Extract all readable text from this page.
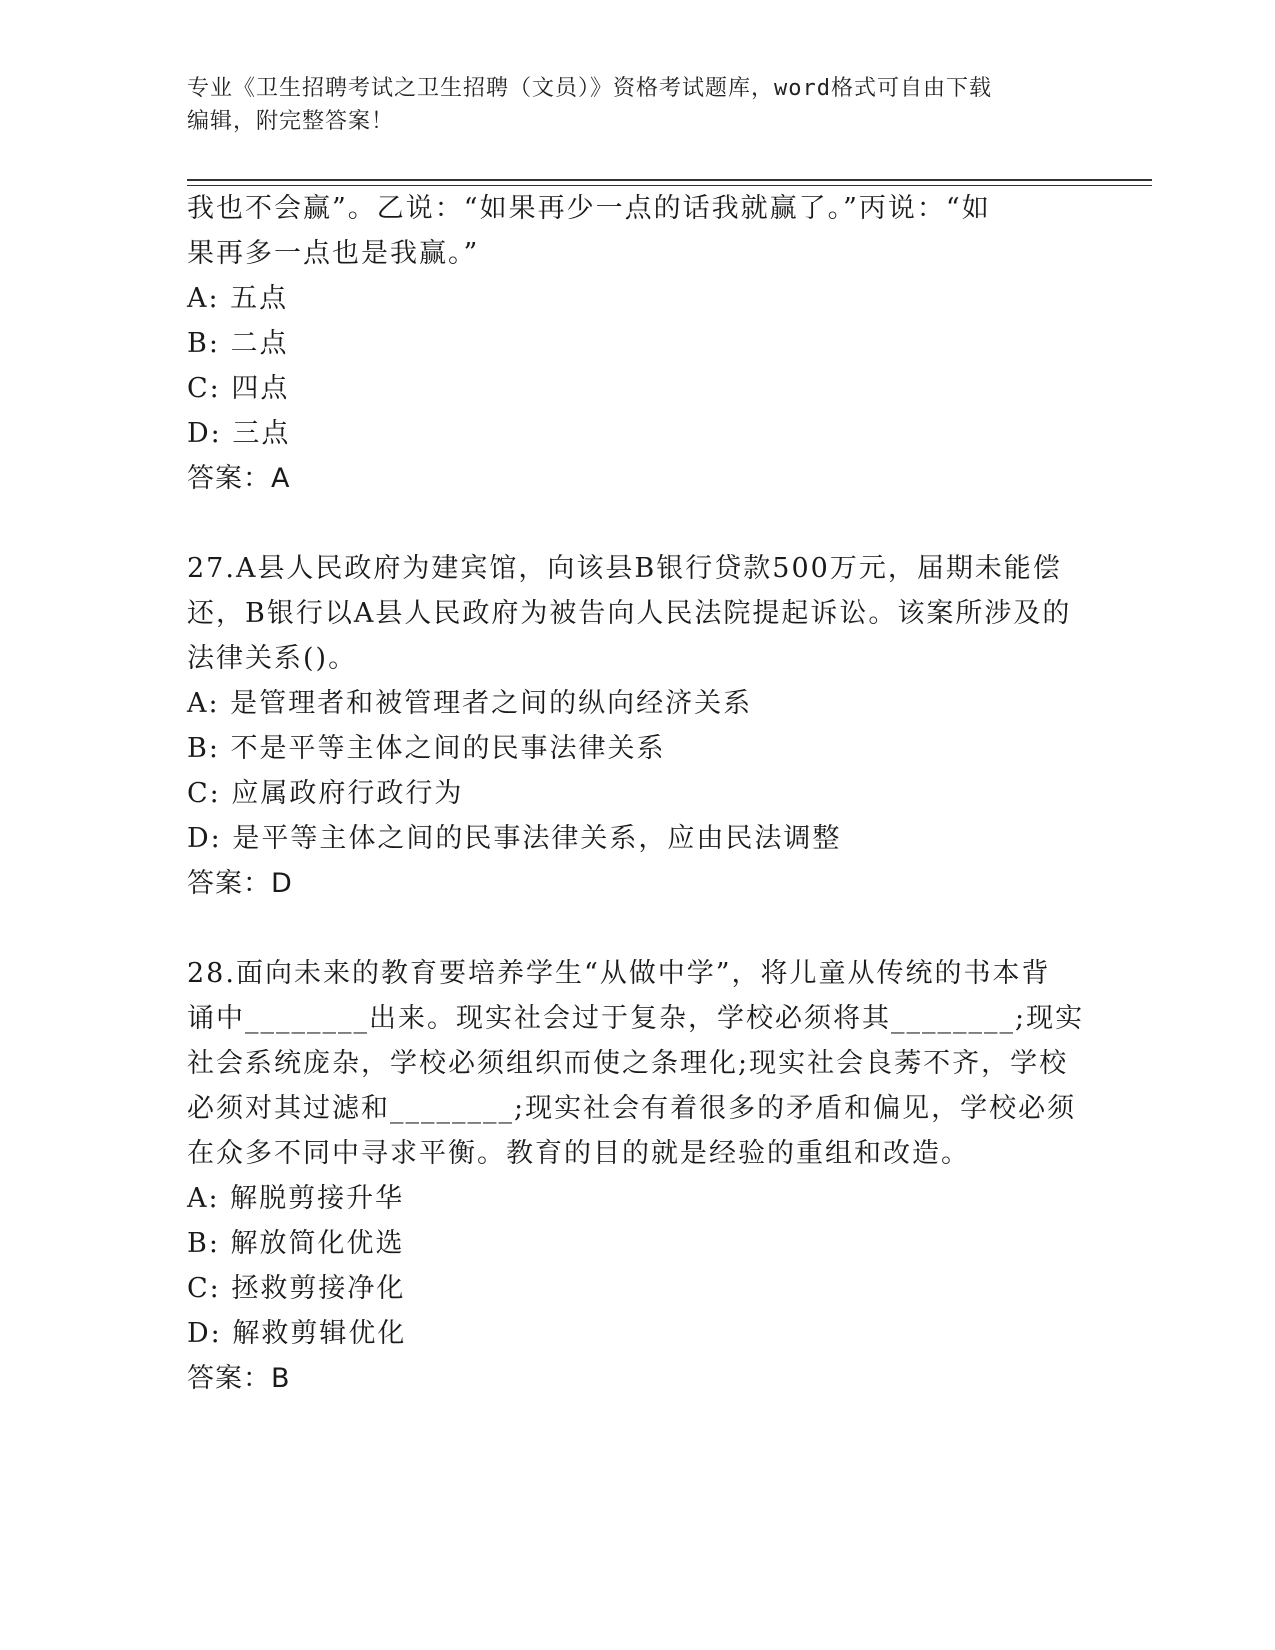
专业《卫生招聘考试之卫生招聘（文员）》资格考试题库，word格式可自由下载
编辑，附完整答案！
我也不会赢”。乙说：“如果再少一点的话我就赢了。”丙说：“如
果再多一点也是我赢。”
A: 五点
B: 二点
C: 四点
D: 三点
答案：A
27.A县人民政府为建宾馆，向该县B银行贷款500万元，届期未能偿
还，B银行以A县人民政府为被告向人民法院提起诉讼。该案所涉及的
法律关系()。
A: 是管理者和被管理者之间的纵向经济关系
B: 不是平等主体之间的民事法律关系
C: 应属政府行政行为
D: 是平等主体之间的民事法律关系，应由民法调整
答案：D
28.面向未来的教育要培养学生“从做中学”，将儿童从传统的书本背
诵中________出来。现实社会过于复杂，学校必须将其________;现实
社会系统庞杂，学校必须组织而使之条理化;现实社会良莠不齐，学校
必须对其过滤和________;现实社会有着很多的矛盾和偏见，学校必须
在众多不同中寻求平衡。教育的目的就是经验的重组和改造。
A: 解脱剪接升华
B: 解放简化优选
C: 拯救剪接净化
D: 解救剪辑优化
答案：B
